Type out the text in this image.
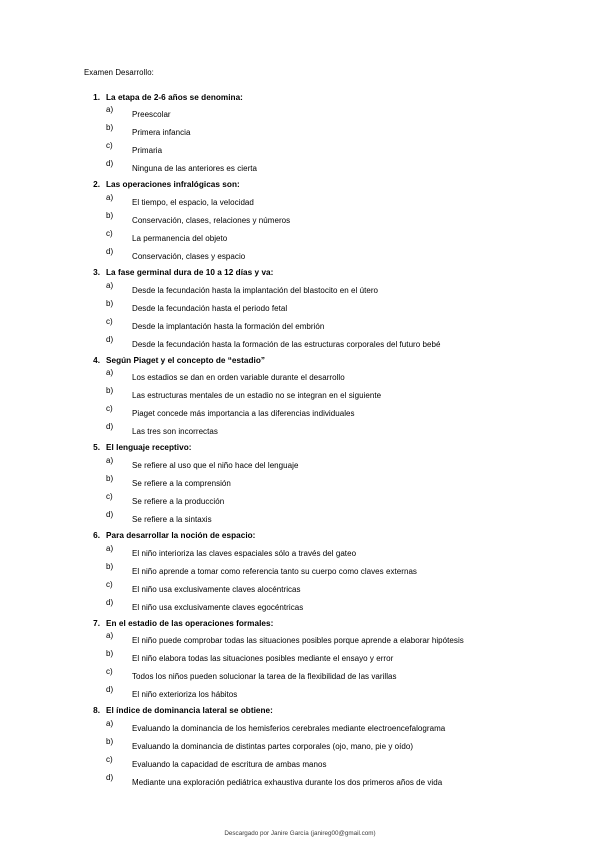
Examen Desarrollo:
1. La etapa de 2-6 años se denomina:
a)
Preescolar
b)
Primera infancia
c)
Primaria
d)
Ninguna de las anteriores es cierta
2. Las operaciones infralógicas son:
a)
El tiempo, el espacio, la velocidad
b)
Conservación, clases, relaciones y números
c)
La permanencia del objeto
d)
Conservación, clases y espacio
3. La fase germinal dura de 10 a 12 días y va:
a)
Desde la fecundación hasta la implantación del blastocito en el útero
b)
Desde la fecundación hasta el periodo fetal
c)
Desde la implantación hasta la formación del embrión
d)
Desde la fecundación hasta la formación de las estructuras corporales del futuro bebé
4. Según Piaget y el concepto de “estadio”
a)
Los estadios se dan en orden variable durante el desarrollo
b)
Las estructuras mentales de un estadio no se integran en el siguiente
c)
Piaget concede más importancia a las diferencias individuales
d)
Las tres son incorrectas
5. El lenguaje receptivo:
a)
Se refiere al uso que el niño hace del lenguaje
b)
Se refiere a la comprensión
c)
Se refiere a la producción
d)
Se refiere a la sintaxis
6. Para desarrollar la noción de espacio:
a)
El niño interioriza las claves espaciales sólo a través del gateo
b)
El niño aprende a tomar como referencia tanto su cuerpo como claves externas
c)
El niño usa exclusivamente claves alocéntricas
d)
El niño usa exclusivamente claves egocéntricas
7. En el estadio de las operaciones formales:
a)
El niño puede comprobar todas las situaciones posibles porque aprende a elaborar hipótesis
b)
El niño elabora todas las situaciones posibles mediante el ensayo y error
c)
Todos los niños pueden solucionar la tarea de la flexibilidad de las varillas
d)
El niño exterioriza los hábitos
8. El índice de dominancia lateral se obtiene:
a)
Evaluando la dominancia de los hemisferios cerebrales mediante electroencefalograma
b)
Evaluando la dominancia de distintas partes corporales (ojo, mano, pie y oído)
c)
Evaluando la capacidad de escritura de ambas manos
d)
Mediante una exploración pediátrica exhaustiva durante los dos primeros años de vida
Descargado por Janire García (janireg00@gmail.com)
